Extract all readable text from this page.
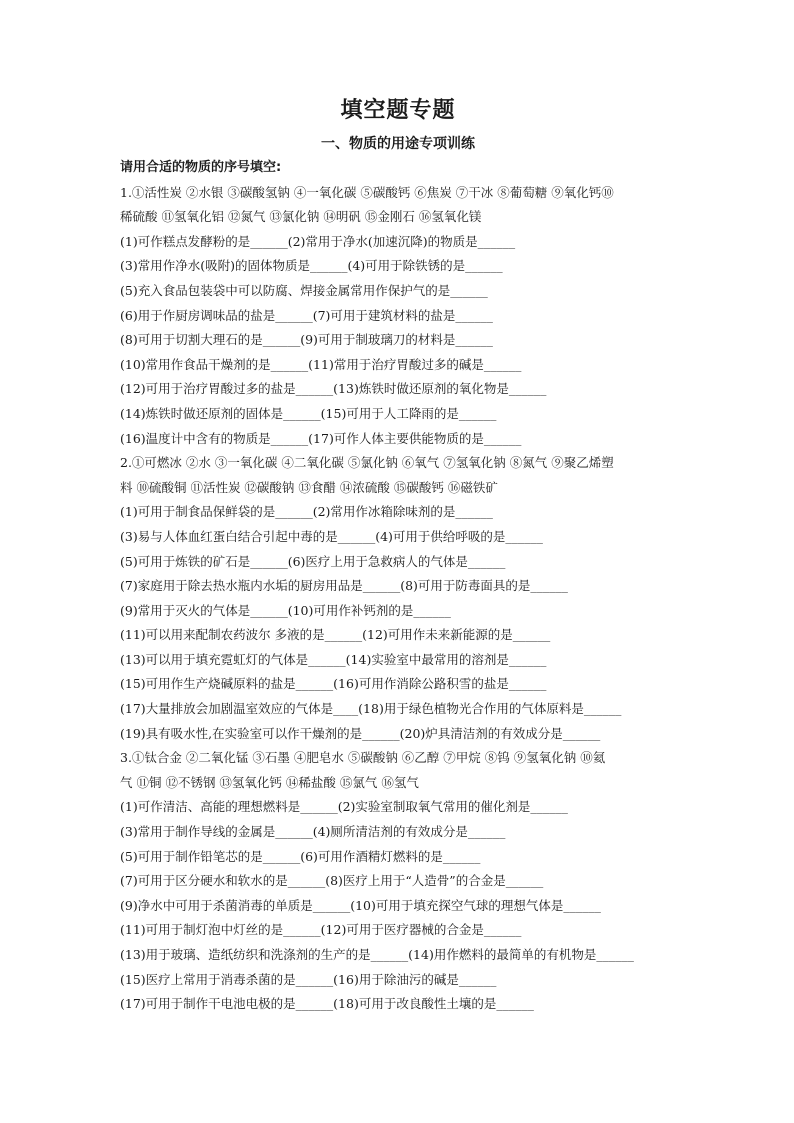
填空题专题
一、物质的用途专项训练
请用合适的物质的序号填空:
1.①活性炭 ②水银 ③碳酸氢钠 ④一氧化碳 ⑤碳酸钙 ⑥焦炭 ⑦干冰 ⑧葡萄糖 ⑨氧化钙⑩
稀硫酸 ⑪氢氧化铝 ⑫氮气 ⑬氯化钠 ⑭明矾 ⑮金刚石 ⑯氢氧化镁
(1)可作糕点发酵粉的是______(2)常用于净水(加速沉降)的物质是______
(3)常用作净水(吸附)的固体物质是______(4)可用于除铁锈的是______
(5)充入食品包装袋中可以防腐、焊接金属常用作保护气的是______
(6)用于作厨房调味品的盐是______(7)可用于建筑材料的盐是______
(8)可用于切割大理石的是______(9)可用于制玻璃刀的材料是______
(10)常用作食品干燥剂的是______(11)常用于治疗胃酸过多的碱是______
(12)可用于治疗胃酸过多的盐是______(13)炼铁时做还原剂的氧化物是______
(14)炼铁时做还原剂的固体是______(15)可用于人工降雨的是______
(16)温度计中含有的物质是______(17)可作人体主要供能物质的是______
2.①可燃冰 ②水 ③一氧化碳 ④二氧化碳 ⑤氯化钠 ⑥氧气 ⑦氢氧化钠 ⑧氮气 ⑨聚乙烯塑
料 ⑩硫酸铜 ⑪活性炭 ⑫碳酸钠 ⑬食醋 ⑭浓硫酸 ⑮碳酸钙 ⑯磁铁矿
(1)可用于制食品保鲜袋的是______(2)常用作冰箱除味剂的是______
(3)易与人体血红蛋白结合引起中毒的是______(4)可用于供给呼吸的是______
(5)可用于炼铁的矿石是______(6)医疗上用于急救病人的气体是______
(7)家庭用于除去热水瓶内水垢的厨房用品是______(8)可用于防毒面具的是______
(9)常用于灭火的气体是______(10)可用作补钙剂的是______
(11)可以用来配制农药波尔 多液的是______(12)可用作未来新能源的是______
(13)可以用于填充霓虹灯的气体是______(14)实验室中最常用的溶剂是______
(15)可用作生产烧碱原料的盐是______(16)可用作消除公路积雪的盐是______
(17)大量排放会加剧温室效应的气体是____(18)用于绿色植物光合作用的气体原料是______
(19)具有吸水性,在实验室可以作干燥剂的是______(20)炉具清洁剂的有效成分是______
3.①钛合金 ②二氧化锰 ③石墨 ④肥皂水 ⑤碳酸钠 ⑥乙醇 ⑦甲烷 ⑧钨 ⑨氢氧化钠 ⑩氦
气 ⑪铜 ⑫不锈钢 ⑬氢氧化钙 ⑭稀盐酸 ⑮氯气 ⑯氢气
(1)可作清洁、高能的理想燃料是______(2)实验室制取氧气常用的催化剂是______
(3)常用于制作导线的金属是______(4)厕所清洁剂的有效成分是______
(5)可用于制作铅笔芯的是______(6)可用作酒精灯燃料的是______
(7)可用于区分硬水和软水的是______(8)医疗上用于“人造骨”的合金是______
(9)净水中可用于杀菌消毒的单质是______(10)可用于填充探空气球的理想气体是______
(11)可用于制灯泡中灯丝的是______(12)可用于医疗器械的合金是______
(13)用于玻璃、造纸纺织和洗涤剂的生产的是______(14)用作燃料的最简单的有机物是______
(15)医疗上常用于消毒杀菌的是______(16)用于除油污的碱是______
(17)可用于制作干电池电极的是______(18)可用于改良酸性土壤的是______
